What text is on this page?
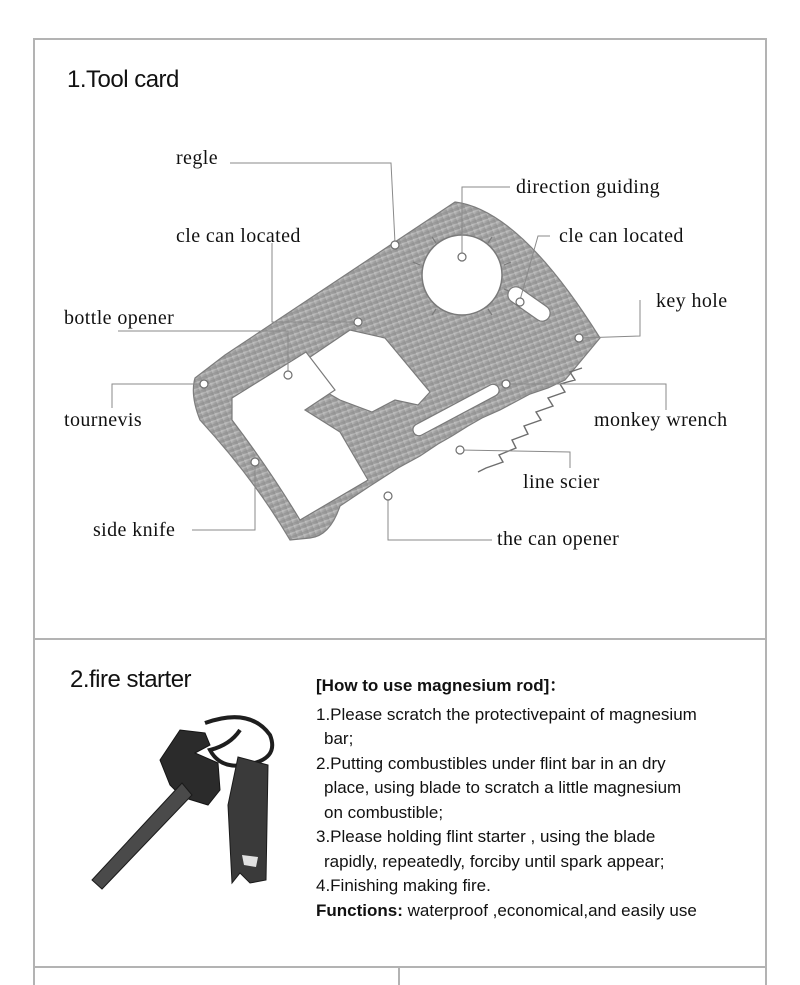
1.Tool card
regle
direction guiding
cle can located	cle can located
key hole
bottle opener
tournevis	monkey wrench
line scier
side knife	the can opener
2.fire starter	[How to use magnesium rod]：
1.Please scratch the protectivepaint of magnesium
bar;
2.Putting combustibles under flint bar in an dry
place, using blade to scratch a little magnesium
on combustible;
3.Please holding flint starter , using the blade
rapidly, repeatedly, forciby until spark appear;
4.Finishing making fire.
Functions: waterproof ,economical,and easily use
